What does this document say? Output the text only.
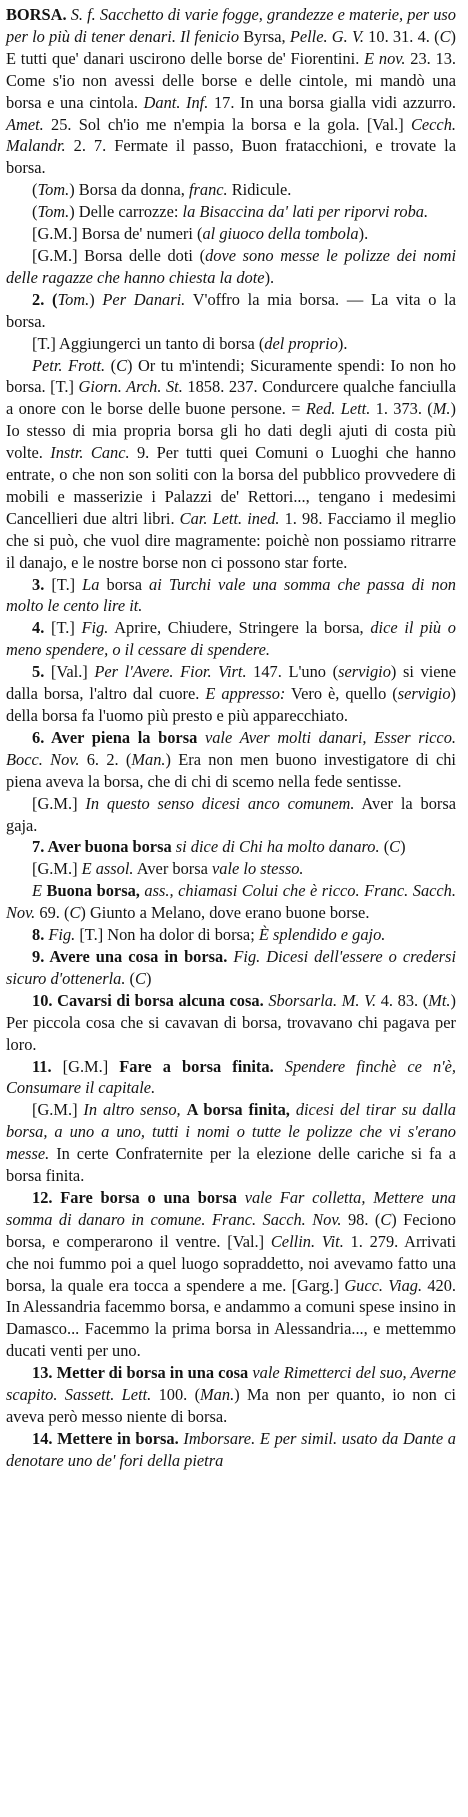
BORSA. S. f. Sacchetto di varie fogge, grandezze e materie, per uso per lo più di tener denari. Il fenicio Byrsa, Pelle. G. V. 10. 31. 4. (C) E tutti que' danari uscirono delle borse de' Fiorentini. E nov. 23. 13. Come s'io non avessi delle borse e delle cintole, mi mandò una borsa e una cintola. Dant. Inf. 17. In una borsa gialla vidi azzurro. Amet. 25. Sol ch'io me n'empia la borsa e la gola. [Val.] Cecch. Malandr. 2. 7. Fermate il passo, Buon fratacchioni, e trovate la borsa.

(Tom.) Borsa da donna, franc. Ridicule.

(Tom.) Delle carrozze: la Bisaccina da' lati per riporvi roba.

[G.M.] Borsa de' numeri (al giuoco della tombola).

[G.M.] Borsa delle doti (dove sono messe le polizze dei nomi delle ragazze che hanno chiesta la dote).

2. (Tom.) Per Danari. V'offro la mia borsa. — La vita o la borsa.

[T.] Aggiungerci un tanto di borsa (del proprio).

Petr. Frott. (C) Or tu m'intendi; Sicuramente spendi: Io non ho borsa. [T.] Giorn. Arch. St. 1858. 237. Condurcere qualche fanciulla a onore con le borse delle buone persone. = Red. Lett. 1. 373. (M.) Io stesso di mia propria borsa gli ho dati degli ajuti di costa più volte. Instr. Canc. 9. Per tutti quei Comuni o Luoghi che hanno entrate, o che non son soliti con la borsa del pubblico provvedere di mobili e masserizie i Palazzi de' Rettori..., tengano i medesimi Cancellieri due altri libri. Car. Lett. ined. 1. 98. Facciamo il meglio che si può, che vuol dire magramente: poichè non possiamo ritrarre il danajo, e le nostre borse non ci possono star forte.

3. [T.] La borsa ai Turchi vale una somma che passa di non molto le cento lire it.

4. [T.] Fig. Aprire, Chiudere, Stringere la borsa, dice il più o meno spendere, o il cessare di spendere.

5. [Val.] Per l'Avere. Fior. Virt. 147. L'uno (servigio) si viene dalla borsa, l'altro dal cuore. E appresso: Vero è, quello (servigio) della borsa fa l'uomo più presto e più apparecchiato.

6. Aver piena la borsa vale Aver molti danari, Esser ricco. Bocc. Nov. 6. 2. (Man.) Era non men buono investigatore di chi piena aveva la borsa, che di chi di scemo nella fede sentisse.

[G.M.] In questo senso dicesi anco comunem. Aver la borsa gaja.

7. Aver buona borsa si dice di Chi ha molto danaro. (C)

[G.M.] E assol. Aver borsa vale lo stesso.

E Buona borsa, ass., chiamasi Colui che è ricco. Franc. Sacch. Nov. 69. (C) Giunto a Melano, dove erano buone borse.

8. Fig. [T.] Non ha dolor di borsa; È splendido e gajo.

9. Avere una cosa in borsa. Fig. Dicesi dell'essere o credersi sicuro d'ottenerla. (C)

10. Cavarsi di borsa alcuna cosa. Sborsarla. M. V. 4. 83. (Mt.) Per piccola cosa che si cavavan di borsa, trovavano chi pagava per loro.

11. [G.M.] Fare a borsa finita. Spendere finchè ce n'è, Consumare il capitale.

[G.M.] In altro senso, A borsa finita, dicesi del tirar su dalla borsa, a uno a uno, tutti i nomi o tutte le polizze che vi s'erano messe. In certe Confraternite per la elezione delle cariche si fa a borsa finita.

12. Fare borsa o una borsa vale Far colletta, Mettere una somma di danaro in comune. Franc. Sacch. Nov. 98. (C) Feciono borsa, e comperarono il ventre. [Val.] Cellin. Vit. 1. 279. Arrivati che noi fummo poi a quel luogo sopraddetto, noi avevamo fatto una borsa, la quale era tocca a spendere a me. [Garg.] Gucc. Viag. 420. In Alessandria facemmo borsa, e andammo a comuni spese insino in Damasco... Facemmo la prima borsa in Alessandria..., e mettemmo ducati venti per uno.

13. Metter di borsa in una cosa vale Rimetterci del suo, Averne scapito. Sassett. Lett. 100. (Man.) Ma non per quanto, io non ci aveva però messo niente di borsa.

14. Mettere in borsa. Imborsare. E per simil. usato da Dante a denotare uno de' fori della pietra
